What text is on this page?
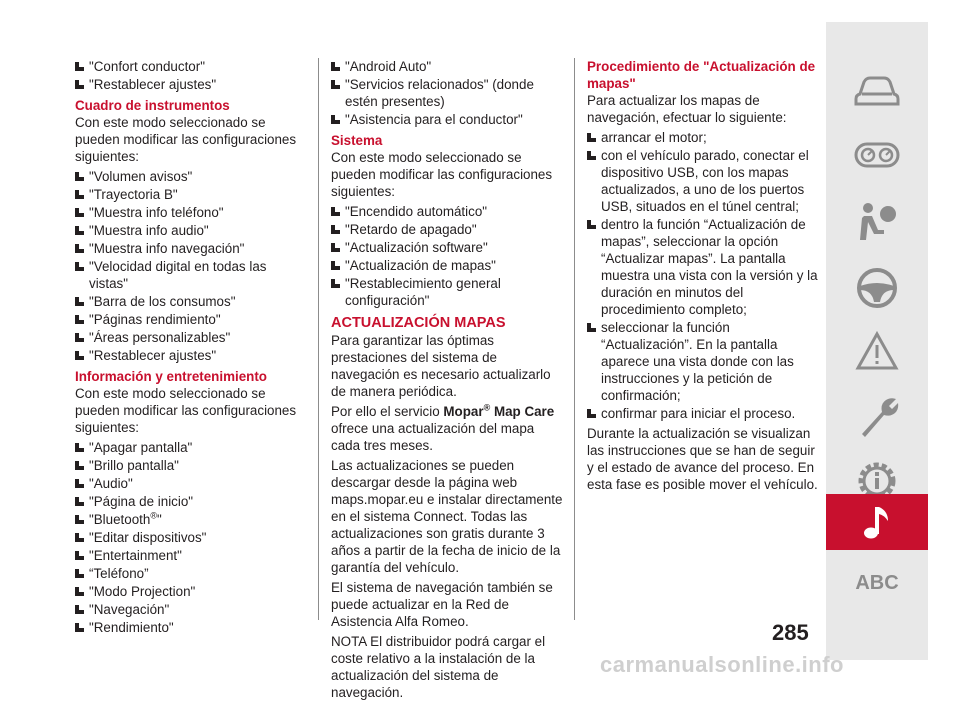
"Confort conductor"
"Restablecer ajustes"
Cuadro de instrumentos
Con este modo seleccionado se pueden modificar las configuraciones siguientes:
"Volumen avisos"
"Trayectoria B"
"Muestra info teléfono"
"Muestra info audio"
"Muestra info navegación"
"Velocidad digital en todas las vistas"
"Barra de los consumos"
"Páginas rendimiento"
"Áreas personalizables"
"Restablecer ajustes"
Información y entretenimiento
Con este modo seleccionado se pueden modificar las configuraciones siguientes:
"Apagar pantalla"
"Brillo pantalla"
"Audio"
"Página de inicio"
"Bluetooth®"
"Editar dispositivos"
"Entertainment"
“Teléfono”
"Modo Projection"
"Navegación"
"Rendimiento"
"Android Auto"
"Servicios relacionados" (donde estén presentes)
"Asistencia para el conductor"
Sistema
Con este modo seleccionado se pueden modificar las configuraciones siguientes:
"Encendido automático"
"Retardo de apagado"
"Actualización software"
"Actualización de mapas"
"Restablecimiento general configuración"
ACTUALIZACIÓN MAPAS
Para garantizar las óptimas prestaciones del sistema de navegación es necesario actualizarlo de manera periódica.
Por ello el servicio Mopar® Map Care ofrece una actualización del mapa cada tres meses.
Las actualizaciones se pueden descargar desde la página web maps.mopar.eu e instalar directamente en el sistema Connect. Todas las actualizaciones son gratis durante 3 años a partir de la fecha de inicio de la garantía del vehículo.
El sistema de navegación también se puede actualizar en la Red de Asistencia Alfa Romeo.
NOTA El distribuidor podrá cargar el coste relativo a la instalación de la actualización del sistema de navegación.
Procedimiento de "Actualización de mapas"
Para actualizar los mapas de navegación, efectuar lo siguiente:
arrancar el motor;
con el vehículo parado, conectar el dispositivo USB, con los mapas actualizados, a uno de los puertos USB, situados en el túnel central;
dentro la función “Actualización de mapas”, seleccionar la opción “Actualizar mapas”. La pantalla muestra una vista con la versión y la duración en minutos del procedimiento completo;
seleccionar la función “Actualización”. En la pantalla aparece una vista donde con las instrucciones y la petición de confirmación;
confirmar para iniciar el proceso.
Durante la actualización se visualizan las instrucciones que se han de seguir y el estado de avance del proceso. En esta fase es posible mover el vehículo.
ABC
285
carmanualsonline.info
